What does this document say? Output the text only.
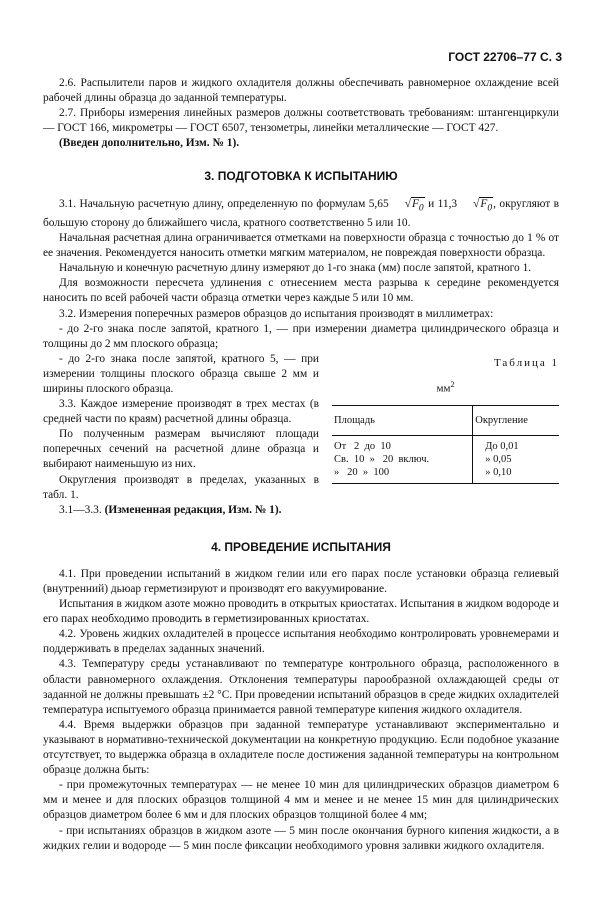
ГОСТ 22706–77 С. 3

2.6. Распылители паров и жидкого охладителя должны обеспечивать равномерное охлаждение всей рабочей длины образца до заданной температуры.

2.7. Приборы измерения линейных размеров должны соответствовать требованиям: штангенциркули — ГОСТ 166, микрометры — ГОСТ 6507, тензометры, линейки металлические — ГОСТ 427.

(Введен дополнительно, Изм. № 1).

3. ПОДГОТОВКА К ИСПЫТАНИЮ

3.1. Начальную расчетную длину, определенную по формулам 5,65 $√F_0$ и 11,3 $√F_0$, округляют в большую сторону до ближайшего числа, кратного соответственно 5 или 10.

Начальная расчетная длина ограничивается отметками на поверхности образца с точностью до 1 % от ее значения. Рекомендуется наносить отметки мягким материалом, не повреждая поверхности образца.

Начальную и конечную расчетную длину измеряют до 1-го знака (мм) после запятой, кратного 1.

Для возможности пересчета удлинения с отнесением места разрыва к середине рекомендуется наносить по всей рабочей части образца отметки через каждые 5 или 10 мм.

3.2. Измерения поперечных размеров образцов до испытания производят в миллиметрах:

- до 2-го знака после запятой, кратного 1, — при измерении диаметра цилиндрического образца и толщины до 2 мм плоского образца;

- до 2-го знака после запятой, кратного 5, — при измерении толщины плоского образца свыше 2 мм и ширины плоского образца.

3.3. Каждое измерение производят в трех местах (в средней части по краям) расчетной длины образца.

По полученным размерам вычисляют площади поперечных сечений на расчетной длине образца и выбирают наименьшую из них.

Округления производят в пределах, указанных в табл. 1.

3.1—3.3. (Измененная редакция, Изм. № 1).

Таблица 1
$мм^2$
Площадь	Округление
От   2  до  10	До 0,01
Св.  10  »   20  включ.	» 0,05
»   20  »  100	» 0,10
4. ПРОВЕДЕНИЕ ИСПЫТАНИЯ

4.1. При проведении испытаний в жидком гелии или его парах после установки образца гелиевый (внутренний) дьюар герметизируют и производят его вакуумирование.

Испытания в жидком азоте можно проводить в открытых криостатах. Испытания в жидком водороде и его парах необходимо проводить в герметизированных криостатах.

4.2. Уровень жидких охладителей в процессе испытания необходимо контролировать уровнемерами и поддерживать в пределах заданных значений.

4.3. Температуру среды устанавливают по температуре контрольного образца, расположенного в области равномерного охлаждения. Отклонения температуры парообразной охлаждающей среды от заданной не должны превышать ±2 °С. При проведении испытаний образцов в среде жидких охладителей температура испытуемого образца принимается равной температуре кипения жидкого охладителя.

4.4. Время выдержки образцов при заданной температуре устанавливают экспериментально и указывают в нормативно-технической документации на конкретную продукцию. Если подобное указание отсутствует, то выдержка образца в охладителе после достижения заданной температуры на контрольном образце должна быть:

- при промежуточных температурах — не менее 10 мин для цилиндрических образцов диаметром 6 мм и менее и для плоских образцов толщиной 4 мм и менее и не менее 15 мин для цилиндрических образцов диаметром более 6 мм и для плоских образцов толщиной более 4 мм;

- при испытаниях образцов в жидком азоте — 5 мин после окончания бурного кипения жидкости, а в жидких гелии и водороде — 5 мин после фиксации необходимого уровня заливки жидкого охладителя.
